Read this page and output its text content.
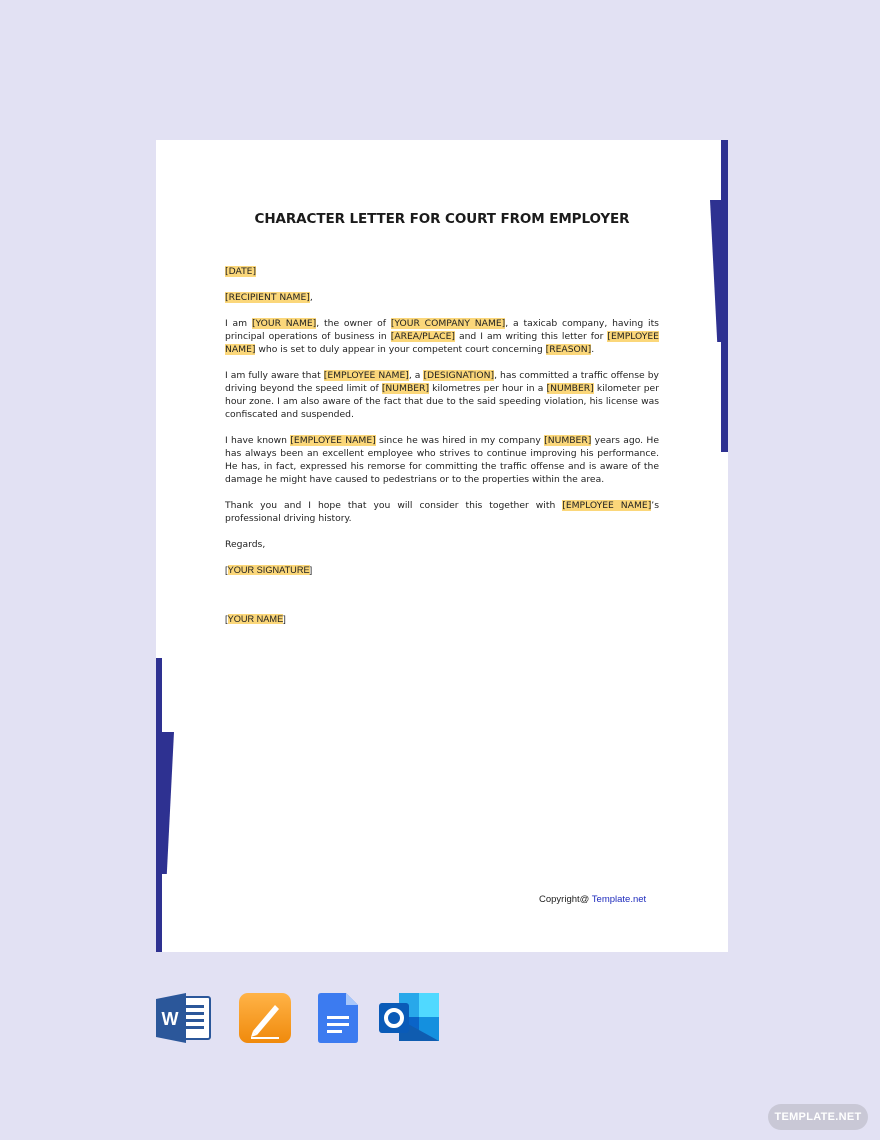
CHARACTER LETTER FOR COURT FROM EMPLOYER

[DATE]

[RECIPIENT NAME],

I am [YOUR NAME], the owner of [YOUR COMPANY NAME], a taxicab company, having its principal operations of business in [AREA/PLACE] and I am writing this letter for [EMPLOYEE NAME] who is set to duly appear in your competent court concerning [REASON].

I am fully aware that [EMPLOYEE NAME], a [DESIGNATION], has committed a traffic offense by driving beyond the speed limit of [NUMBER] kilometres per hour in a [NUMBER] kilometer per hour zone. I am also aware of the fact that due to the said speeding violation, his license was confiscated and suspended.

I have known [EMPLOYEE NAME] since he was hired in my company [NUMBER] years ago. He has always been an excellent employee who strives to continue improving his performance. He has, in fact, expressed his remorse for committing the traffic offense and is aware of the damage he might have caused to pedestrians or to the properties within the area.

Thank you and I hope that you will consider this together with [EMPLOYEE NAME]’s professional driving history.

Regards,

[YOUR SIGNATURE]

[YOUR NAME]

Copyright@ Template.net
W
TEMPLATE.NET
